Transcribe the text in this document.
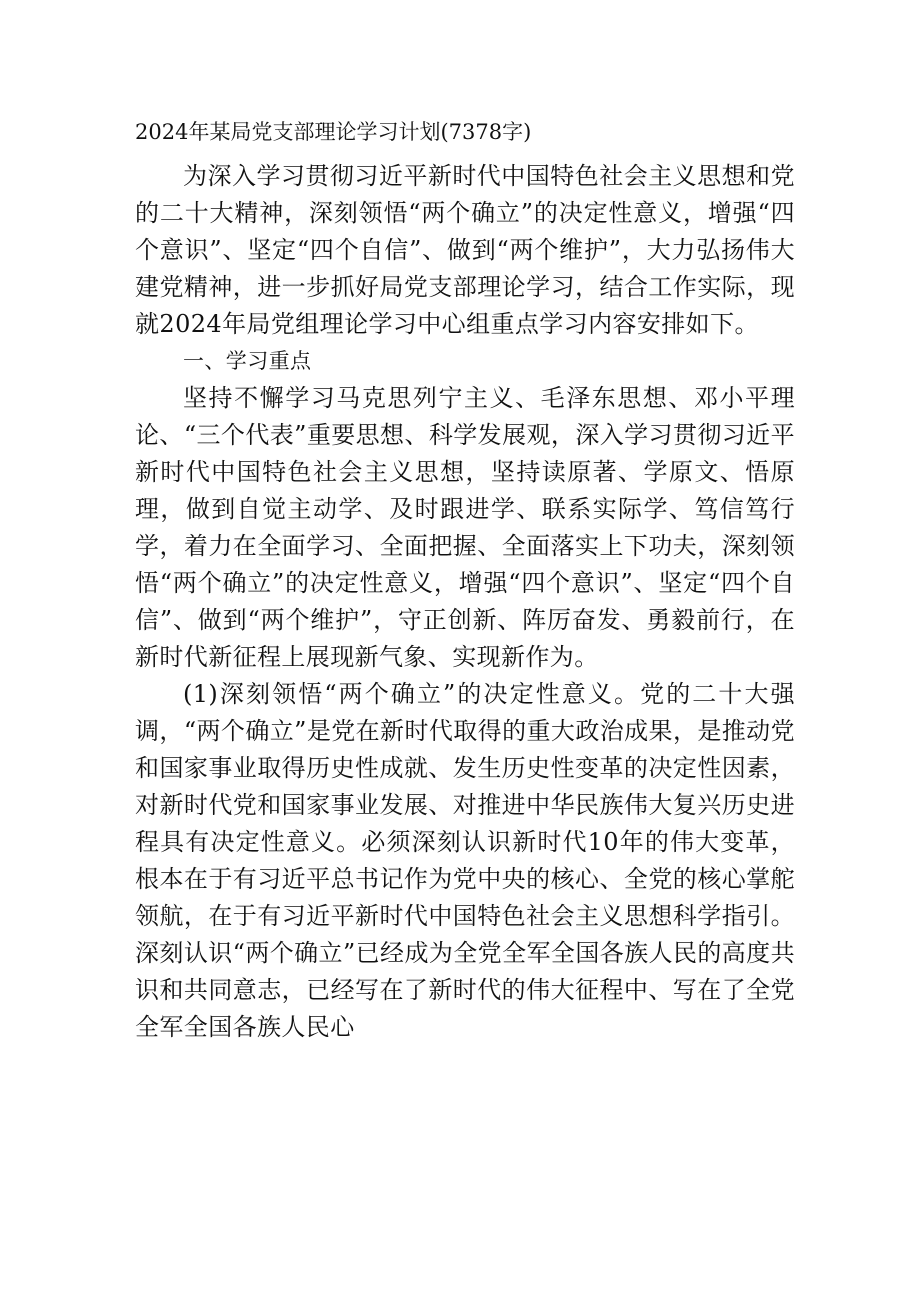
2024年某局党支部理论学习计划(7378字)

为深入学习贯彻习近平新时代中国特色社会主义思想和党的二十大精神，深刻领悟“两个确立”的决定性意义，增强“四个意识”、坚定“四个自信”、做到“两个维护”，大力弘扬伟大建党精神，进一步抓好局党支部理论学习，结合工作实际，现就2024年局党组理论学习中心组重点学习内容安排如下。

一、学习重点

坚持不懈学习马克思列宁主义、毛泽东思想、邓小平理论、“三个代表”重要思想、科学发展观，深入学习贯彻习近平新时代中国特色社会主义思想，坚持读原著、学原文、悟原理，做到自觉主动学、及时跟进学、联系实际学、笃信笃行学，着力在全面学习、全面把握、全面落实上下功夫，深刻领悟“两个确立”的决定性意义，增强“四个意识”、坚定“四个自信”、做到“两个维护”，守正创新、阵厉奋发、勇毅前行，在新时代新征程上展现新气象、实现新作为。

(1)深刻领悟“两个确立”的决定性意义。党的二十大强调，“两个确立”是党在新时代取得的重大政治成果，是推动党和国家事业取得历史性成就、发生历史性变革的决定性因素，对新时代党和国家事业发展、对推进中华民族伟大复兴历史进程具有决定性意义。必须深刻认识新时代10年的伟大变革，根本在于有习近平总书记作为党中央的核心、全党的核心掌舵领航，在于有习近平新时代中国特色社会主义思想科学指引。深刻认识“两个确立”已经成为全党全军全国各族人民的高度共识和共同意志，已经写在了新时代的伟大征程中、写在了全党全军全国各族人民心
